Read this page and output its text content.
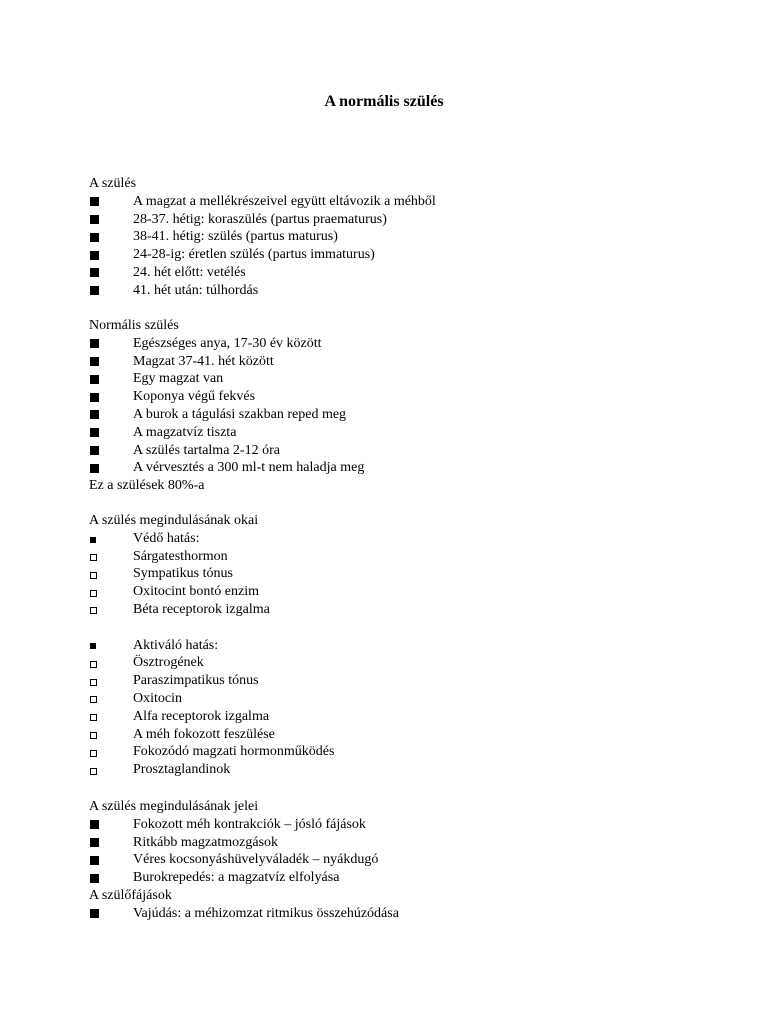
A normális szülés
A szülés
A magzat a mellékrészeivel együtt eltávozik a méhből
28-37. hétig: koraszülés (partus praematurus)
38-41. hétig: szülés (partus maturus)
24-28-ig: éretlen szülés (partus immaturus)
24. hét előtt: vetélés
41. hét után: túlhordás
Normális szülés
Egészséges anya, 17-30 év között
Magzat 37-41. hét között
Egy magzat van
Koponya végű fekvés
A burok a tágulási szakban reped meg
A magzatvíz tiszta
A szülés tartalma 2-12 óra
A vérvesztés a 300 ml-t nem haladja meg
Ez a szülések 80%-a
A szülés megindulásának okai
Védő hatás:
Sárgatesthormon
Sympatikus tónus
Oxitocint bontó enzim
Béta receptorok izgalma
Aktiváló hatás:
Ösztrogének
Paraszimpatikus tónus
Oxitocin
Alfa receptorok izgalma
A méh fokozott feszülése
Fokozódó magzati hormonműködés
Prosztaglandinok
A szülés megindulásának jelei
Fokozott méh kontrakciók – jósló fájások
Ritkább magzatmozgások
Véres kocsonyáshüvelyváladék – nyákdugó
Burokrepedés: a magzatvíz elfolyása
A szülőfájások
Vajúdás: a méhizomzat ritmikus összehúzódása
